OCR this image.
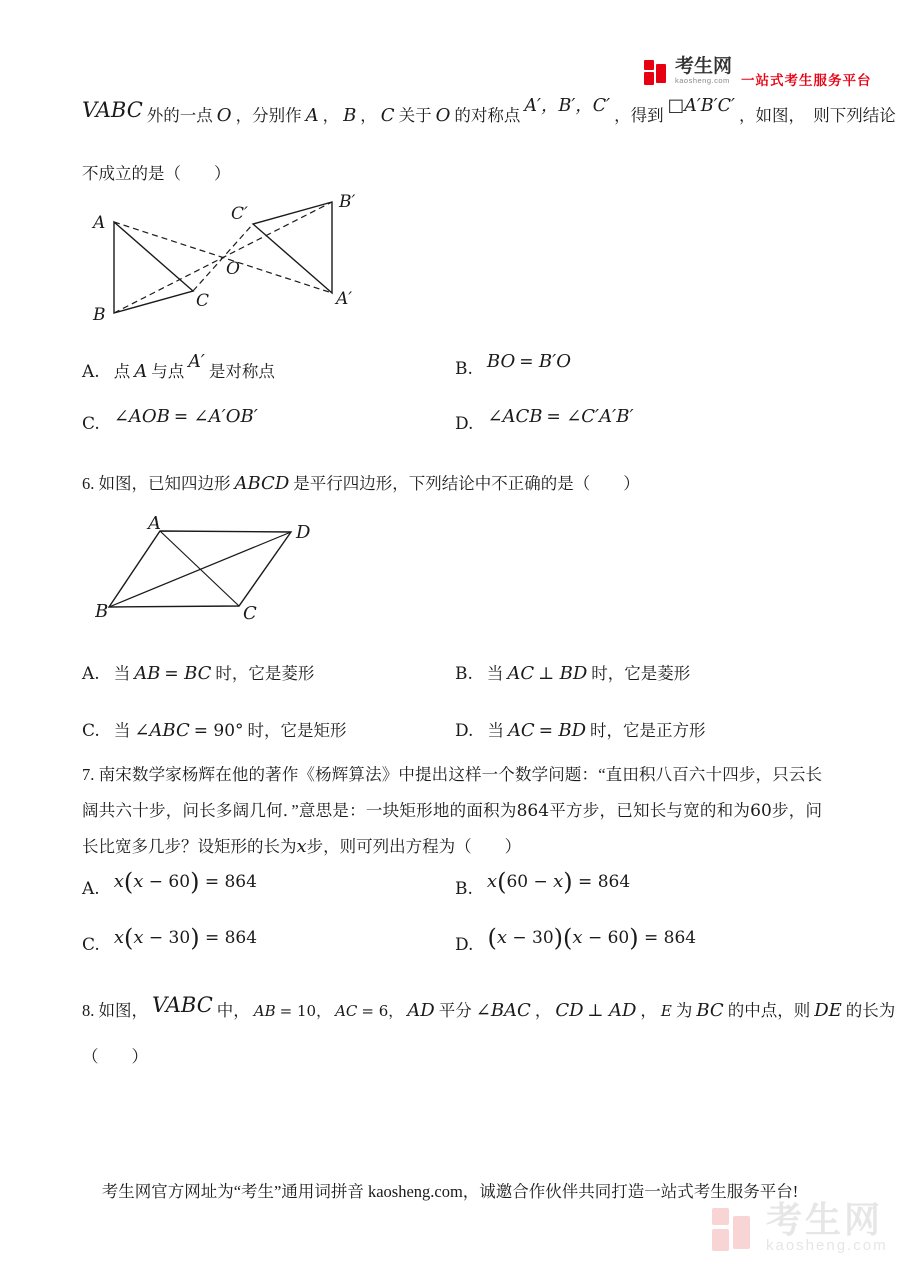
考生网
kaosheng.com 一站式考生服务平台
VABC 外的一点 O ，分别作 A ， B ， C 关于 O 的对称点 A′，B′，C′ ，得到 □A′B′C′ ，如图，　则下列结论
不成立的是（　　）
A
B
C
O
C′
B′
A′
A. 点 A 与点 A′ 是对称点	B. BO = B′O
C. ∠AOB = ∠A′OB′	D. ∠ACB = ∠C′A′B′
6. 如图，已知四边形 ABCD 是平行四边形，下列结论中不正确的是（　　）
A	D
B	C
A. 当 AB = BC 时，它是菱形	B. 当 AC ⊥ BD 时，它是菱形
C. 当 ∠ABC = 90° 时，它是矩形	D. 当 AC = BD 时，它是正方形
7. 南宋数学家杨辉在他的著作《杨辉算法》中提出这样一个数学问题：“直田积八百六十四步，只云长阔共六十步，问长多阔几何．”意思是：一块矩形地的面积为864平方步，已知长与宽的和为60步，问长比宽多几步？设矩形的长为x步，则可列出方程为（　　）
A. x(x − 60) = 864	B. x(60 − x) = 864
C. x(x − 30) = 864	D. (x − 30)(x − 60) = 864
8. 如图， VABC 中， AB = 10， AC = 6， AD 平分 ∠BAC ， CD ⊥ AD ， E 为 BC 的中点，则 DE 的长为
（　　）
考生网官方网址为“考生”通用词拼音 kaosheng.com，诚邀合作伙伴共同打造一站式考生服务平台!
考生网
kaosheng.com
